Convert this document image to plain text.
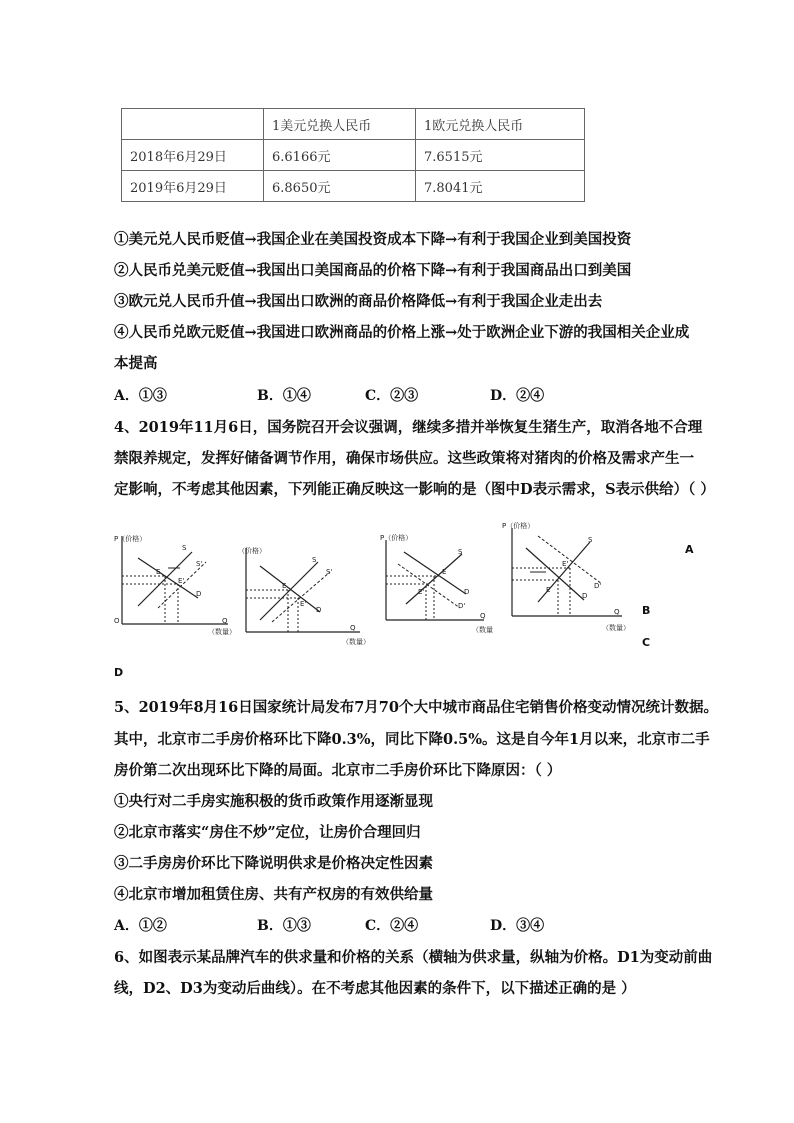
	1美元兑换人民币	1欧元兑换人民币
2018年6月29日	6.6166元	7.6515元
2019年6月29日	6.8650元	7.8041元
①美元兑人民币贬值→我国企业在美国投资成本下降→有利于我国企业到美国投资
②人民币兑美元贬值→我国出口美国商品的价格下降→有利于我国商品出口到美国
③欧元兑人民币升值→我国出口欧洲的商品价格降低→有利于我国企业走出去
④人民币兑欧元贬值→我国进口欧洲商品的价格上涨→处于欧洲企业下游的我国相关企业成
本提高
A．①③	B．①④	C．②③	D．②④
4、2019年11月6日，国务院召开会议强调，继续多措并举恢复生猪生产，取消各地不合理
禁限养规定，发挥好储备调节作用，确保市场供应。这些政策将对猪肉的价格及需求产生一
定影响，不考虑其他因素，下列能正确反映这一影响的是（图中D表示需求，S表示供给）（ ）
P（价格）
O
S
S'
D
E
E'
Q
（数量）
（价格）
S
S'
D
E
E'
Q
（数量）
P（价格）
S
D
D'
E
E'
Q
（数量
P（价格）
S
D
D'
E
E'
Q
（数量）
A
B
C
D
5、2019年8月16日国家统计局发布7月70个大中城市商品住宅销售价格变动情况统计数据。
其中，北京市二手房价格环比下降0.3%，同比下降0.5%。这是自今年1月以来，北京市二手
房价第二次出现环比下降的局面。北京市二手房价环比下降原因：（ ）
①央行对二手房实施积极的货币政策作用逐渐显现
②北京市落实“房住不炒”定位，让房价合理回归
③二手房房价环比下降说明供求是价格决定性因素
④北京市增加租赁住房、共有产权房的有效供给量
A．①②	B．①③	C．②④	D．③④
6、如图表示某品牌汽车的供求量和价格的关系（横轴为供求量，纵轴为价格。D1为变动前曲
线，D2、D3为变动后曲线）。在不考虑其他因素的条件下，以下描述正确的是 ）
